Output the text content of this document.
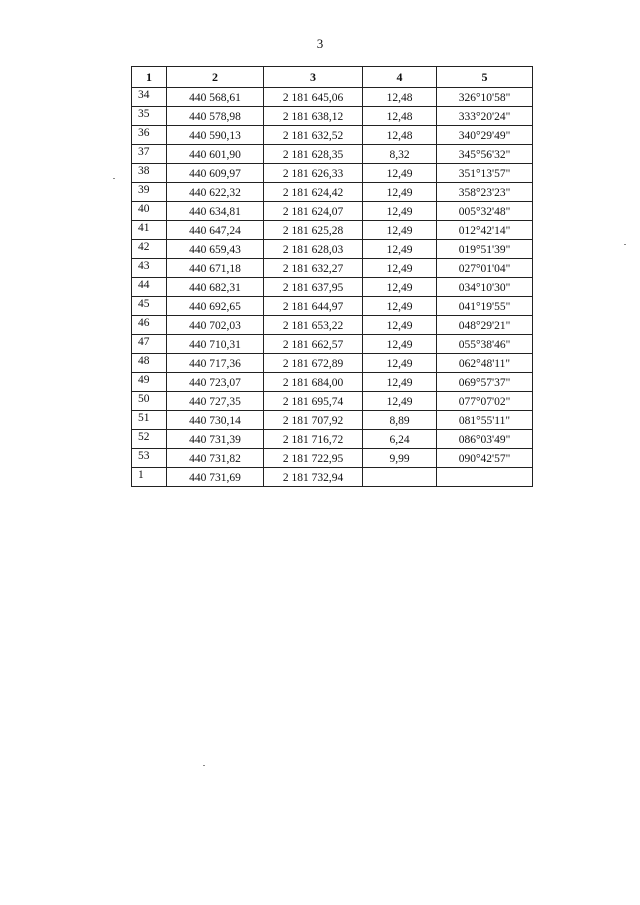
3
1	2	3	4	5
34	440 568,61	2 181 645,06	12,48	326°10'58"
35	440 578,98	2 181 638,12	12,48	333°20'24"
36	440 590,13	2 181 632,52	12,48	340°29'49"
37	440 601,90	2 181 628,35	8,32	345°56'32"
38	440 609,97	2 181 626,33	12,49	351°13'57"
39	440 622,32	2 181 624,42	12,49	358°23'23"
40	440 634,81	2 181 624,07	12,49	005°32'48"
41	440 647,24	2 181 625,28	12,49	012°42'14"
42	440 659,43	2 181 628,03	12,49	019°51'39"
43	440 671,18	2 181 632,27	12,49	027°01'04"
44	440 682,31	2 181 637,95	12,49	034°10'30"
45	440 692,65	2 181 644,97	12,49	041°19'55"
46	440 702,03	2 181 653,22	12,49	048°29'21"
47	440 710,31	2 181 662,57	12,49	055°38'46"
48	440 717,36	2 181 672,89	12,49	062°48'11"
49	440 723,07	2 181 684,00	12,49	069°57'37"
50	440 727,35	2 181 695,74	12,49	077°07'02"
51	440 730,14	2 181 707,92	8,89	081°55'11"
52	440 731,39	2 181 716,72	6,24	086°03'49"
53	440 731,82	2 181 722,95	9,99	090°42'57"
1	440 731,69	2 181 732,94		
